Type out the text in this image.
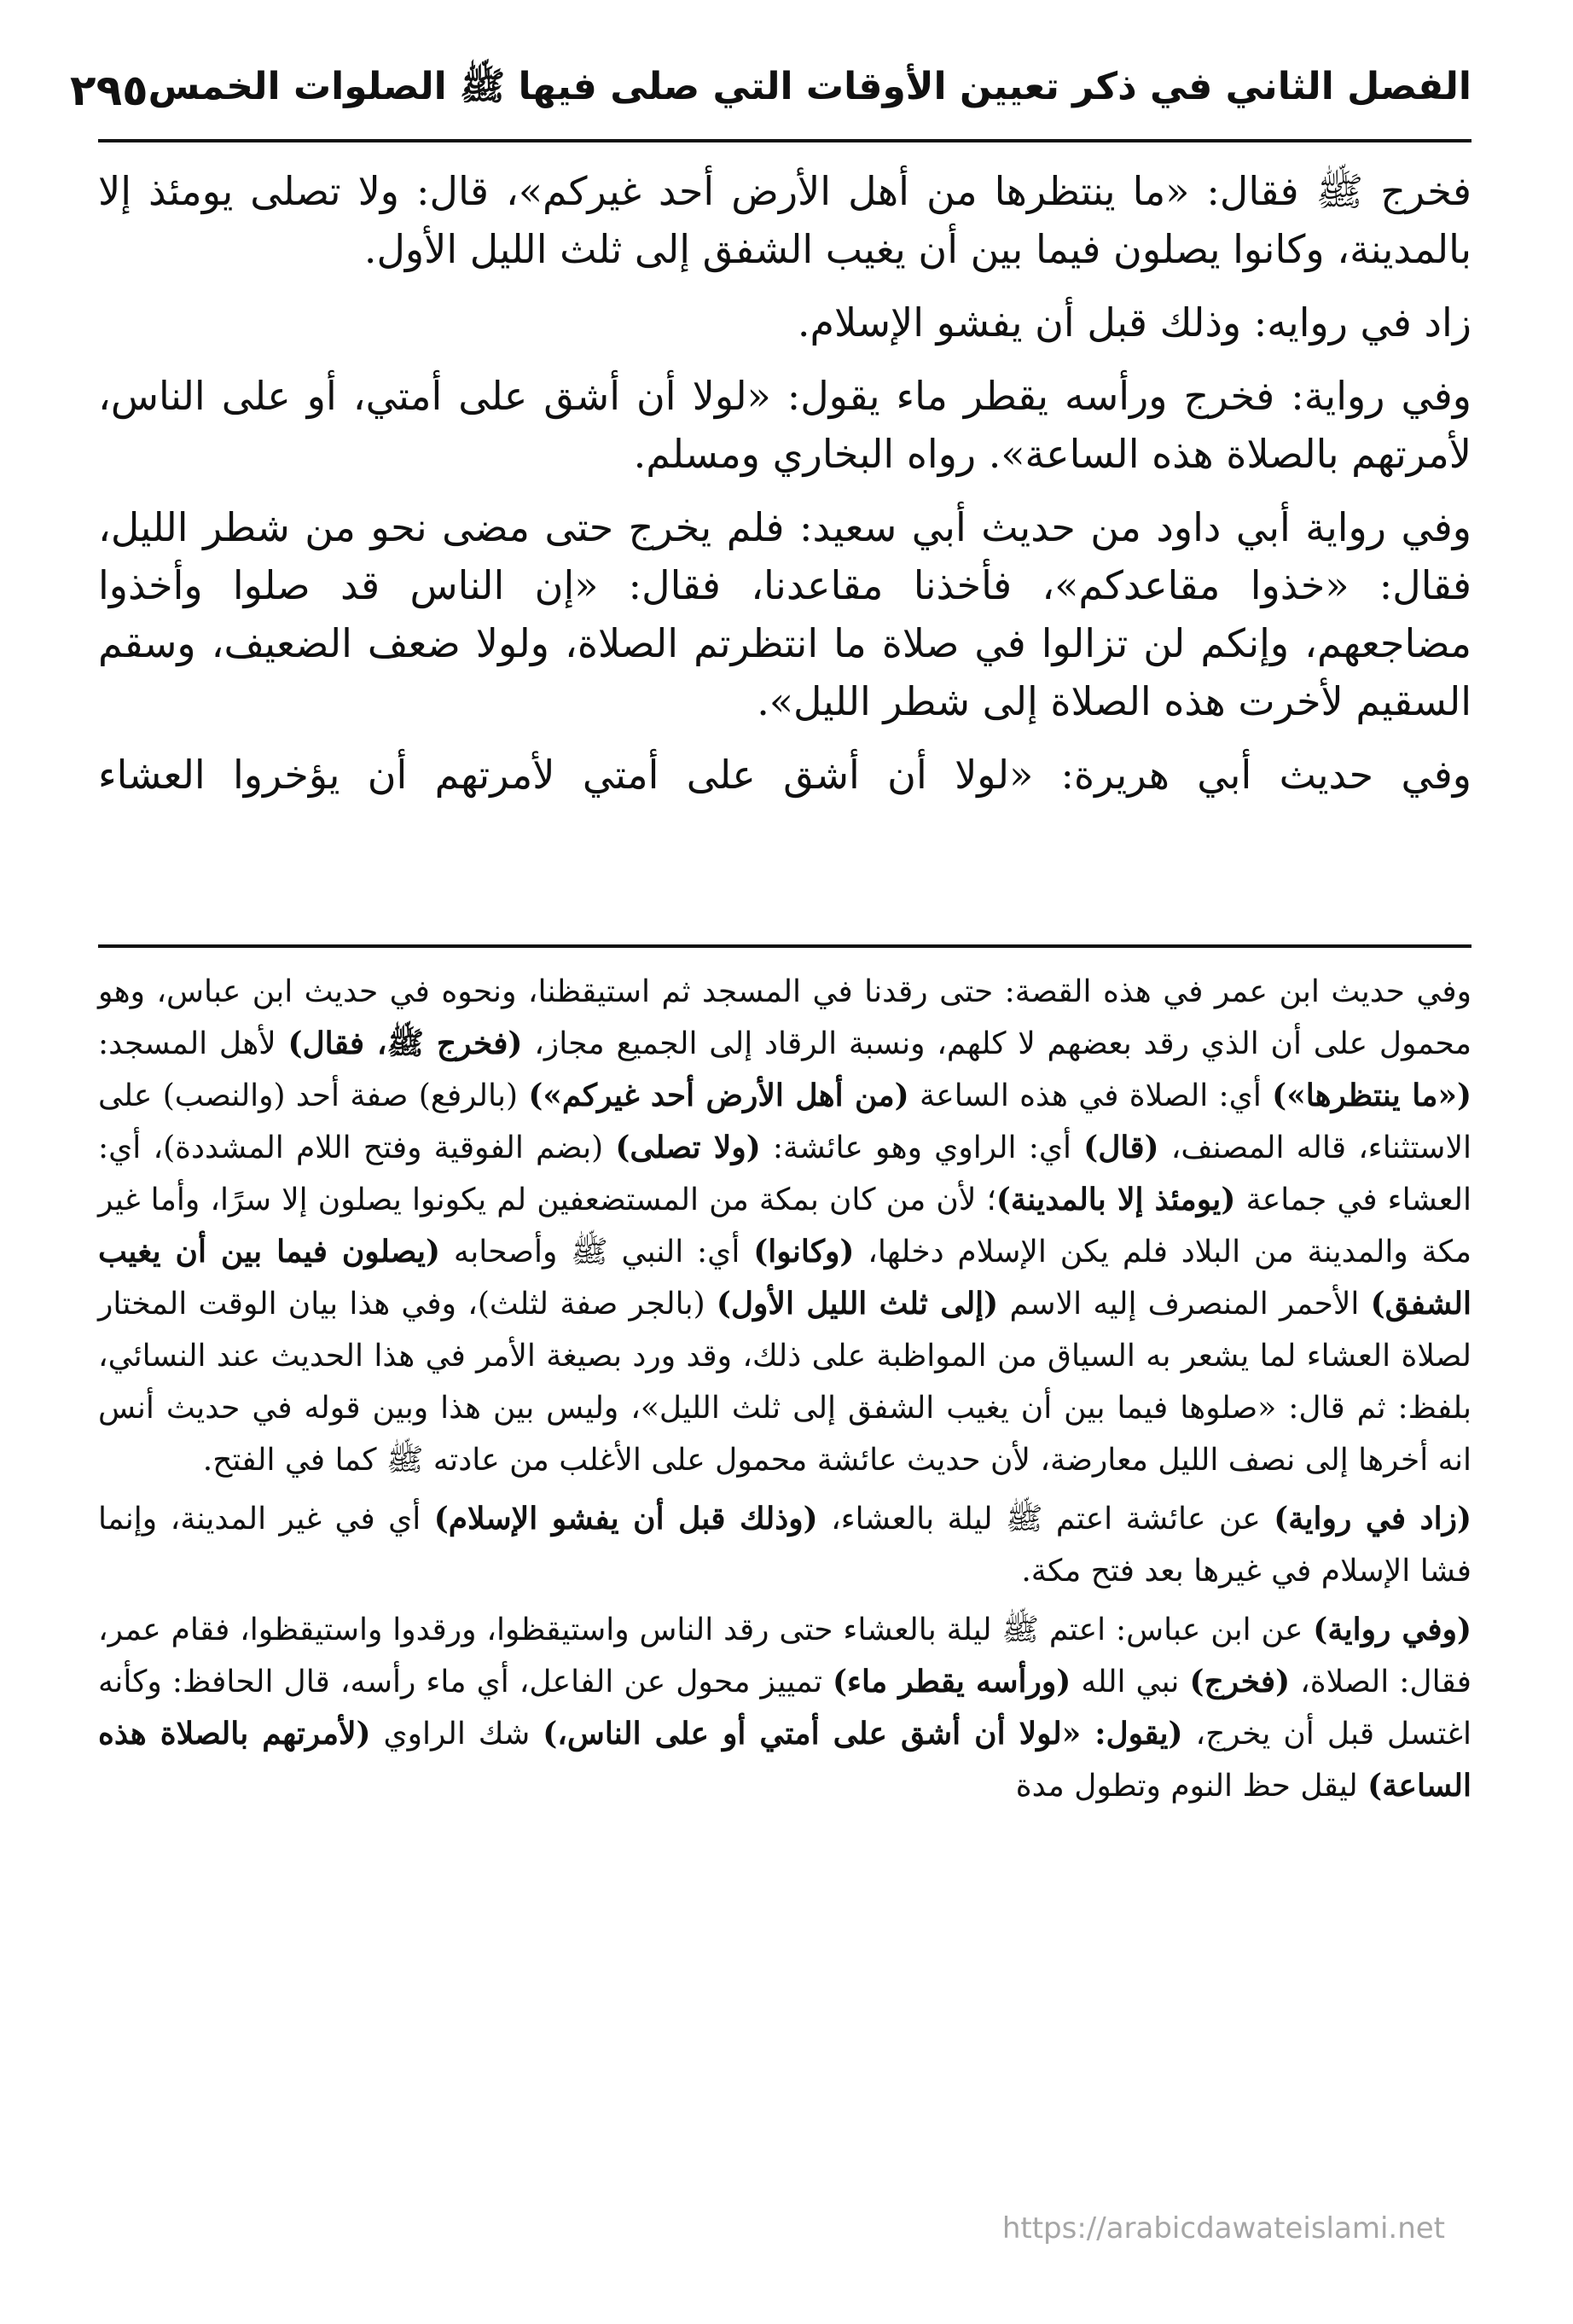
الفصل الثاني في ذكر تعيين الأوقات التي صلى فيها ﷺ الصلوات الخمس
٢٩٥

فخرج ﷺ فقال: «ما ينتظرها من أهل الأرض أحد غيركم»، قال: ولا تصلى يومئذ إلا بالمدينة، وكانوا يصلون فيما بين أن يغيب الشفق إلى ثلث الليل الأول.

زاد في روايه: وذلك قبل أن يفشو الإسلام.

وفي رواية: فخرج ورأسه يقطر ماء يقول: «لولا أن أشق على أمتي، أو على الناس، لأمرتهم بالصلاة هذه الساعة». رواه البخاري ومسلم.

وفي رواية أبي داود من حديث أبي سعيد: فلم يخرج حتى مضى نحو من شطر الليل، فقال: «خذوا مقاعدكم»، فأخذنا مقاعدنا، فقال: «إن الناس قد صلوا وأخذوا مضاجعهم، وإنكم لن تزالوا في صلاة ما انتظرتم الصلاة، ولولا ضعف الضعيف، وسقم السقيم لأخرت هذه الصلاة إلى شطر الليل».

وفي حديث أبي هريرة: «لولا أن أشق على أمتي لأمرتهم أن يؤخروا العشاء

وفي حديث ابن عمر في هذه القصة: حتى رقدنا في المسجد ثم استيقظنا، ونحوه في حديث ابن عباس، وهو محمول على أن الذي رقد بعضهم لا كلهم، ونسبة الرقاد إلى الجميع مجاز، (فخرج ﷺ، فقال) لأهل المسجد: («ما ينتظرها») أي: الصلاة في هذه الساعة (من أهل الأرض أحد غيركم») (بالرفع) صفة أحد (والنصب) على الاستثناء، قاله المصنف، (قال) أي: الراوي وهو عائشة: (ولا تصلى) (بضم الفوقية وفتح اللام المشددة)، أي: العشاء في جماعة (يومئذ إلا بالمدينة)؛ لأن من كان بمكة من المستضعفين لم يكونوا يصلون إلا سرًا، وأما غير مكة والمدينة من البلاد فلم يكن الإسلام دخلها، (وكانوا) أي: النبي ﷺ وأصحابه (يصلون فيما بين أن يغيب الشفق) الأحمر المنصرف إليه الاسم (إلى ثلث الليل الأول) (بالجر صفة لثلث)، وفي هذا بيان الوقت المختار لصلاة العشاء لما يشعر به السياق من المواظبة على ذلك، وقد ورد بصيغة الأمر في هذا الحديث عند النسائي، بلفظ: ثم قال: «صلوها فيما بين أن يغيب الشفق إلى ثلث الليل»، وليس بين هذا وبين قوله في حديث أنس انه أخرها إلى نصف الليل معارضة، لأن حديث عائشة محمول على الأغلب من عادته ﷺ كما في الفتح.

(زاد في رواية) عن عائشة اعتم ﷺ ليلة بالعشاء، (وذلك قبل أن يفشو الإسلام) أي في غير المدينة، وإنما فشا الإسلام في غيرها بعد فتح مكة.

(وفي رواية) عن ابن عباس: اعتم ﷺ ليلة بالعشاء حتى رقد الناس واستيقظوا، ورقدوا واستيقظوا، فقام عمر، فقال: الصلاة، (فخرج) نبي الله (ورأسه يقطر ماء) تمييز محول عن الفاعل، أي ماء رأسه، قال الحافظ: وكأنه اغتسل قبل أن يخرج، (يقول: «لولا أن أشق على أمتي أو على الناس،) شك الراوي (لأمرتهم بالصلاة هذه الساعة) ليقل حظ النوم وتطول مدة

https://arabicdawateislami.net
